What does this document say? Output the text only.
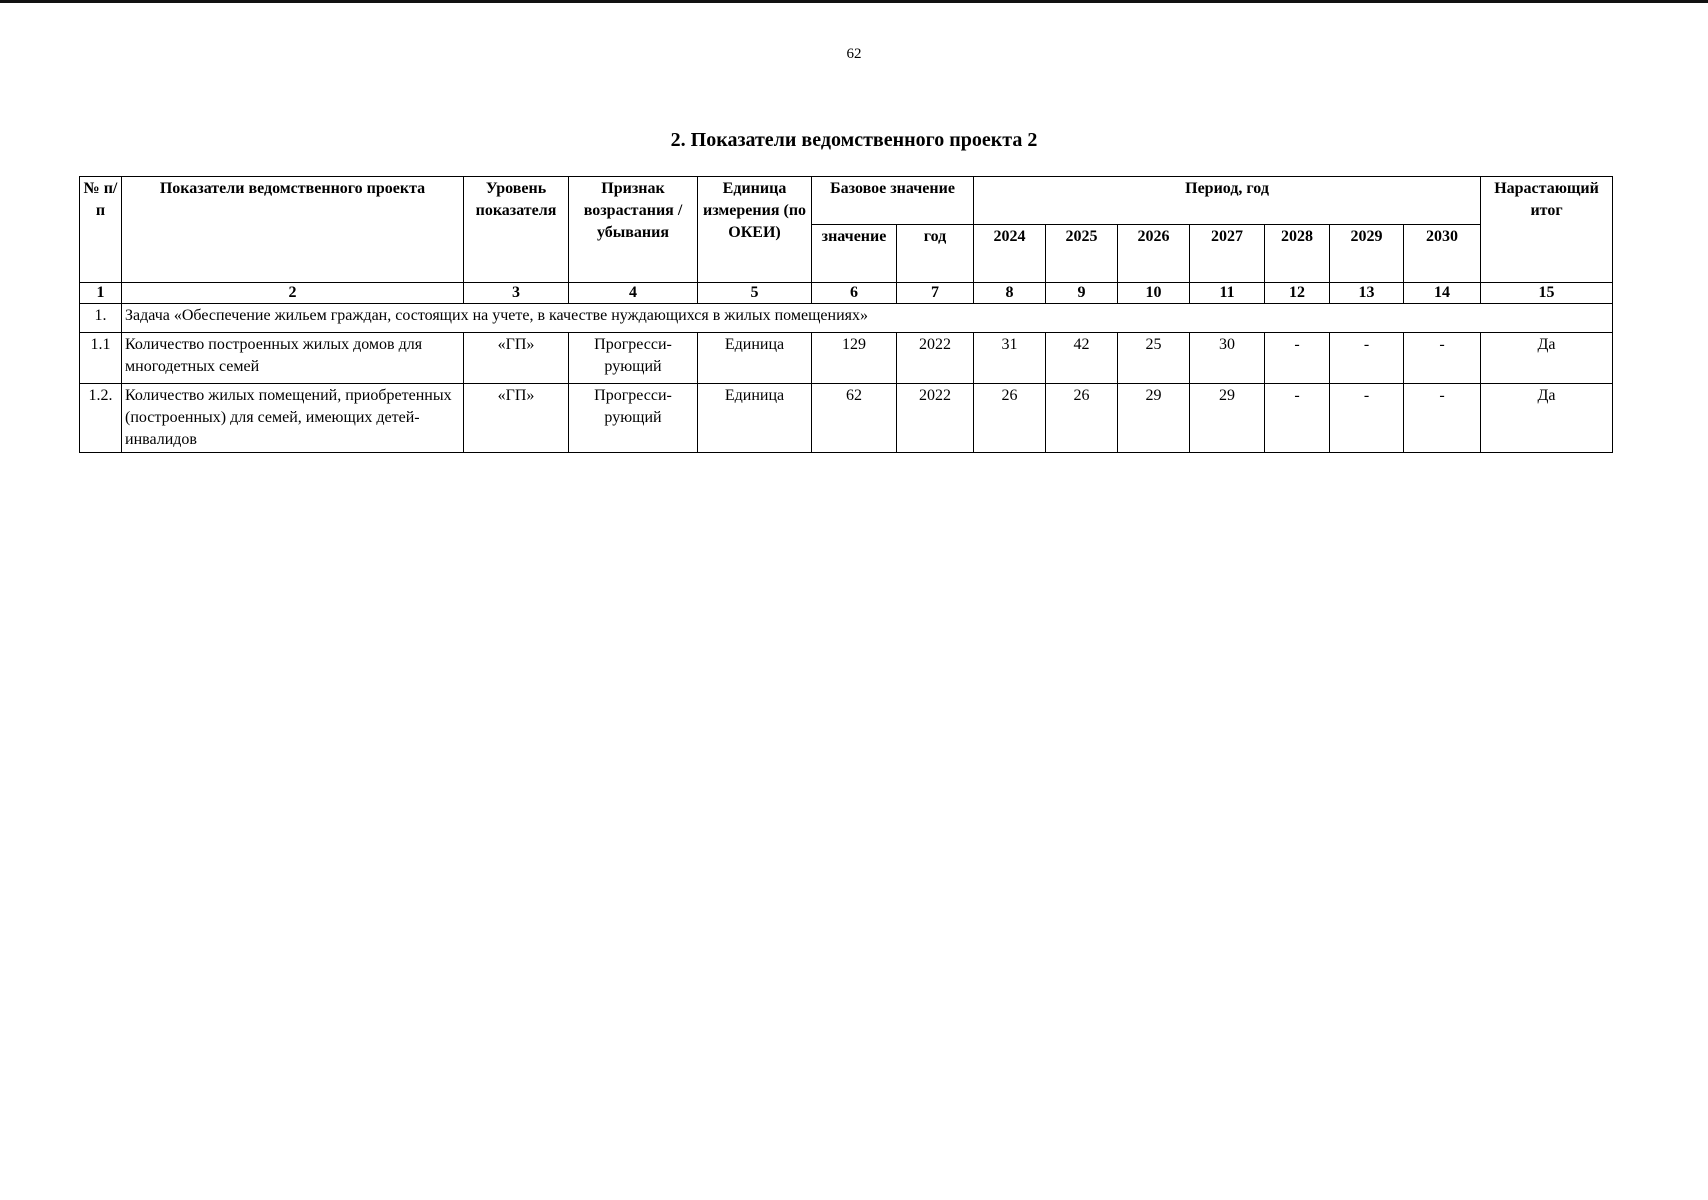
62
2. Показатели ведомственного проекта 2
№ п/п	Показатели ведомственного проекта	Уровень показателя	Признак возрастания / убывания	Единица измерения (по ОКЕИ)	Базовое значение		Период, год							Нарастающий итог
					значение	год	2024	2025	2026	2027	2028	2029	2030	
1	2	3	4	5	6	7	8	9	10	11	12	13	14	15
1.	Задача «Обеспечение жильем граждан, состоящих на учете, в качестве нуждающихся в жилых помещениях»													
1.1	Количество построенных жилых домов для многодетных семей	«ГП»	Прогресси-рующий	Единица	129	2022	31	42	25	30	-	-	-	Да
1.2.	Количество жилых помещений, приобретенных (построенных) для семей, имеющих детей-инвалидов	«ГП»	Прогресси-рующий	Единица	62	2022	26	26	29	29	-	-	-	Да
